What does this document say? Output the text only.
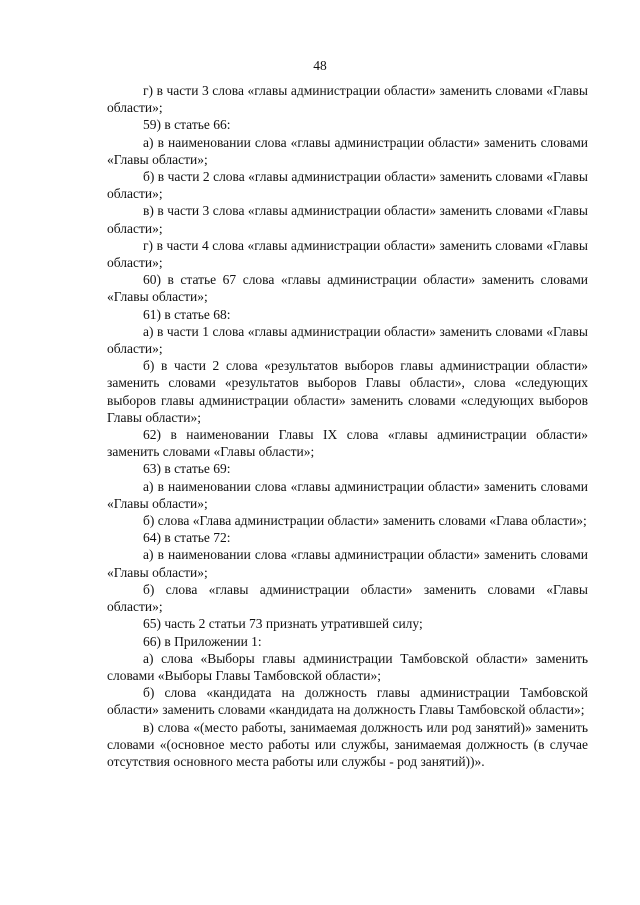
48

г) в части 3 слова «главы администрации области» заменить словами «Главы области»;

59) в статье 66:

а) в наименовании слова «главы администрации области» заменить словами «Главы области»;

б) в части 2 слова «главы администрации области» заменить словами «Главы области»;

в) в части 3 слова «главы администрации области» заменить словами «Главы области»;

г) в части 4 слова «главы администрации области» заменить словами «Главы области»;

60) в статье 67 слова «главы администрации области» заменить словами «Главы области»;

61) в статье 68:

а) в части 1 слова «главы администрации области» заменить словами «Главы области»;

б) в части 2 слова «результатов выборов главы администрации области» заменить словами «результатов выборов Главы области», слова «следующих выборов главы администрации области» заменить словами «следующих выборов Главы области»;

62) в наименовании Главы IX слова «главы администрации области» заменить словами «Главы области»;

63) в статье 69:

а) в наименовании слова «главы администрации области» заменить словами «Главы области»;

б) слова «Глава администрации области» заменить словами «Глава области»;

64) в статье 72:

а) в наименовании слова «главы администрации области» заменить словами «Главы области»;

б) слова «главы администрации области» заменить словами «Главы области»;

65) часть 2 статьи 73 признать утратившей силу;

66) в Приложении 1:

а) слова «Выборы главы администрации Тамбовской области» заменить словами «Выборы Главы Тамбовской области»;

б) слова «кандидата на должность главы администрации Тамбовской области» заменить словами «кандидата на должность Главы Тамбовской области»;

в) слова «(место работы, занимаемая должность или род занятий)» заменить словами «(основное место работы или службы, занимаемая должность (в случае отсутствия основного места работы или службы - род занятий))».
